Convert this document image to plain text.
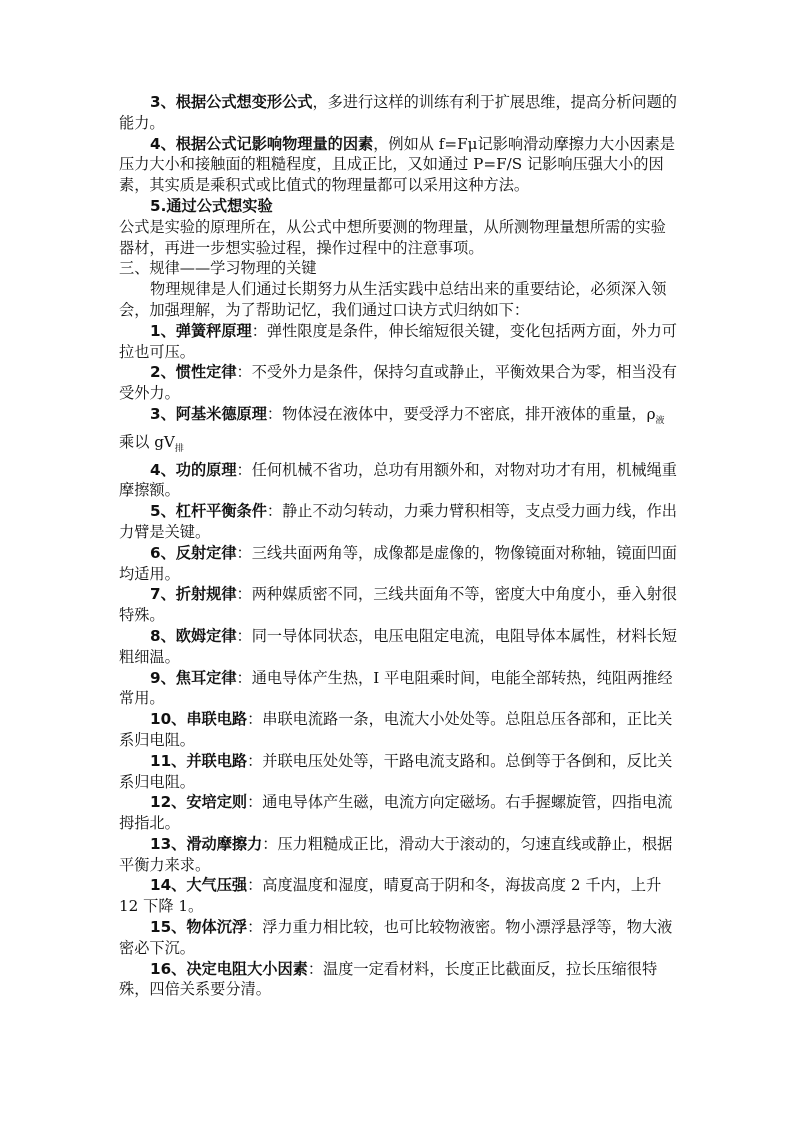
3、根据公式想变形公式，多进行这样的训练有利于扩展思维，提高分析问题的能力。

4、根据公式记影响物理量的因素，例如从 f=Fμ记影响滑动摩擦力大小因素是压力大小和接触面的粗糙程度，且成正比，又如通过 P=F/S 记影响压强大小的因素，其实质是乘积式或比值式的物理量都可以采用这种方法。

5.通过公式想实验

公式是实验的原理所在，从公式中想所要测的物理量，从所测物理量想所需的实验器材，再进一步想实验过程，操作过程中的注意事项。

三、规律——学习物理的关键

物理规律是人们通过长期努力从生活实践中总结出来的重要结论，必须深入领会，加强理解，为了帮助记忆，我们通过口诀方式归纳如下：

1、弹簧秤原理：弹性限度是条件，伸长缩短很关键，变化包括两方面，外力可拉也可压。

2、惯性定律：不受外力是条件，保持匀直或静止，平衡效果合为零，相当没有受外力。

3、阿基米德原理：物体浸在液体中，要受浮力不密底，排开液体的重量，$\rho_液$乘以 $gV_排$

4、功的原理：任何机械不省功，总功有用额外和，对物对功才有用，机械绳重摩擦额。

5、杠杆平衡条件：静止不动匀转动，力乘力臂积相等，支点受力画力线，作出力臂是关键。

6、反射定律：三线共面两角等，成像都是虚像的，物像镜面对称轴，镜面凹面均适用。

7、折射规律：两种媒质密不同，三线共面角不等，密度大中角度小，垂入射很特殊。

8、欧姆定律：同一导体同状态，电压电阻定电流，电阻导体本属性，材料长短粗细温。

9、焦耳定律：通电导体产生热，I 平电阻乘时间，电能全部转热，纯阻两推经常用。

10、串联电路：串联电流路一条，电流大小处处等。总阻总压各部和，正比关系归电阻。

11、并联电路：并联电压处处等，干路电流支路和。总倒等于各倒和，反比关系归电阻。

12、安培定则：通电导体产生磁，电流方向定磁场。右手握螺旋管，四指电流拇指北。

13、滑动摩擦力：压力粗糙成正比，滑动大于滚动的，匀速直线或静止，根据平衡力来求。

14、大气压强：高度温度和湿度，晴夏高于阴和冬，海拔高度 2 千内，上升 12 下降 1。

15、物体沉浮：浮力重力相比较，也可比较物液密。物小漂浮悬浮等，物大液密必下沉。

16、决定电阻大小因素：温度一定看材料，长度正比截面反，拉长压缩很特殊，四倍关系要分清。
